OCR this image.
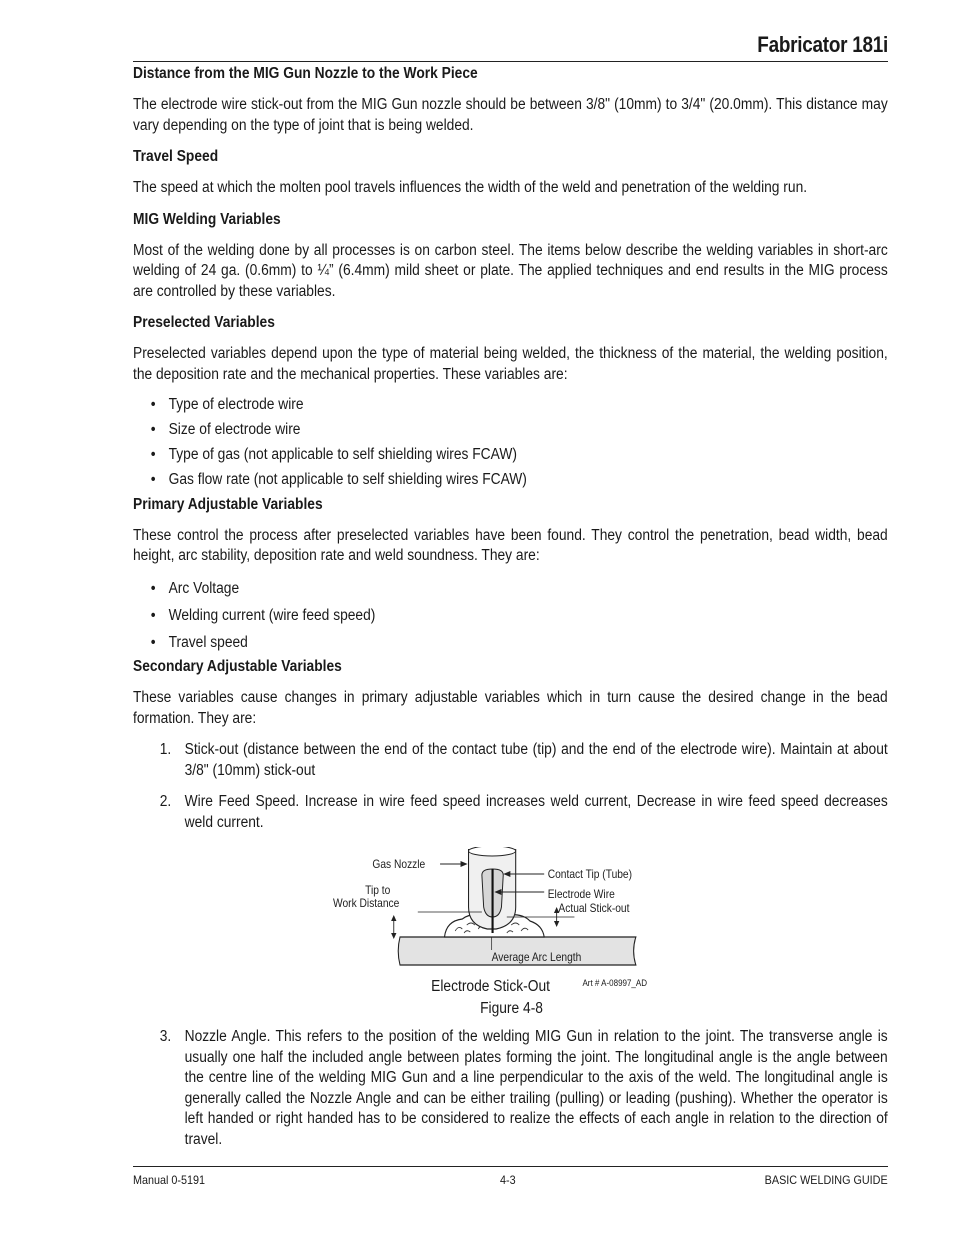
Fabricator 181i
Distance from the MIG Gun Nozzle to the Work Piece

The electrode wire stick-out from the MIG Gun nozzle should be between 3/8" (10mm) to 3/4" (20.0mm). This distance may vary depending on the type of joint that is being welded.

Travel Speed

The speed at which the molten pool travels influences the width of the weld and penetration of the welding run.

MIG Welding Variables

Most of the welding done by all processes is on carbon steel. The items below describe the welding variables in short-arc welding of 24 ga. (0.6mm) to ¼” (6.4mm) mild sheet or plate. The applied techniques and end results in the MIG process are controlled by these variables.

Preselected Variables

Preselected variables depend upon the type of material being welded, the thickness of the material, the welding position, the deposition rate and the mechanical properties. These variables are:

• Type of electrode wire
• Size of electrode wire
• Type of gas (not applicable to self shielding wires FCAW)
• Gas flow rate (not applicable to self shielding wires FCAW)
Primary Adjustable Variables

These control the process after preselected variables have been found. They control the penetration, bead width, bead height, arc stability, deposition rate and weld soundness. They are:

• Arc Voltage
• Welding current (wire feed speed)
• Travel speed
Secondary Adjustable Variables

These variables cause changes in primary adjustable variables which in turn cause the desired change in the bead formation. They are:

1. Stick-out (distance between the end of the contact tube (tip) and the end of the electrode wire). Maintain at about 3/8" (10mm) stick-out

2. Wire Feed Speed. Increase in wire feed speed increases weld current, Decrease in wire feed speed decreases weld current.

Gas Nozzle
Contact Tip (Tube)
Tip to
Work Distance
Electrode Wire
Actual Stick-out
Average Arc Length
Electrode Stick-Out	Art # A-08997_AD
Figure 4-8
3. Nozzle Angle. This refers to the position of the welding MIG Gun in relation to the joint. The transverse angle is usually one half the included angle between plates forming the joint. The longitudinal angle is the angle between the centre line of the welding MIG Gun and a line perpendicular to the axis of the weld. The longitudinal angle is generally called the Nozzle Angle and can be either trailing (pulling) or leading (pushing). Whether the operator is left handed or right handed has to be considered to realize the effects of each angle in relation to the direction of travel.

Manual 0-5191	4-3	BASIC WELDING GUIDE
